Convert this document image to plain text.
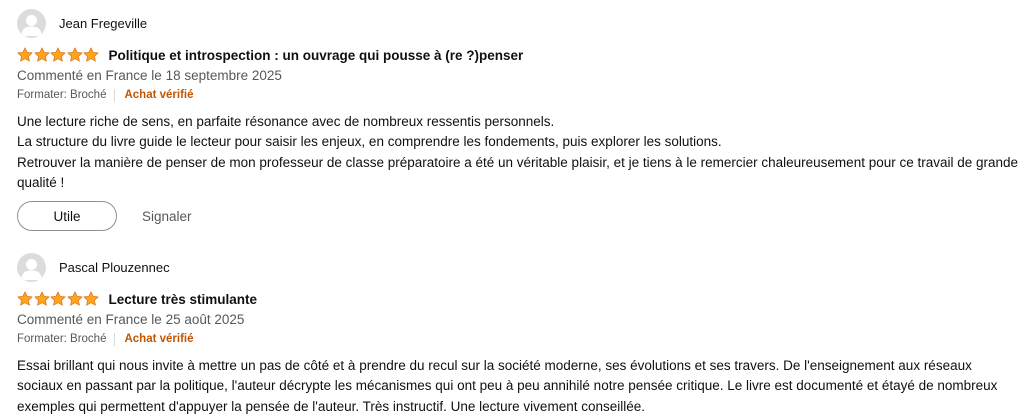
Jean Fregeville
Politique et introspection : un ouvrage qui pousse à (re ?)penser
Commenté en France le 18 septembre 2025
Formater: Broché Achat vérifié

Une lecture riche de sens, en parfaite résonance avec de nombreux ressentis personnels.

La structure du livre guide le lecteur pour saisir les enjeux, en comprendre les fondements, puis explorer les solutions.

Retrouver la manière de penser de mon professeur de classe préparatoire a été un véritable plaisir, et je tiens à le remercier chaleureusement pour ce travail de grande qualité !

Utile	Signaler
Pascal Plouzennec
Lecture très stimulante
Commenté en France le 25 août 2025
Formater: Broché Achat vérifié

Essai brillant qui nous invite à mettre un pas de côté et à prendre du recul sur la société moderne, ses évolutions et ses travers. De l'enseignement aux réseaux sociaux en passant par la politique, l'auteur décrypte les mécanismes qui ont peu à peu annihilé notre pensée critique. Le livre est documenté et étayé de nombreux exemples qui permettent d'appuyer la pensée de l'auteur. Très instructif. Une lecture vivement conseillée.
